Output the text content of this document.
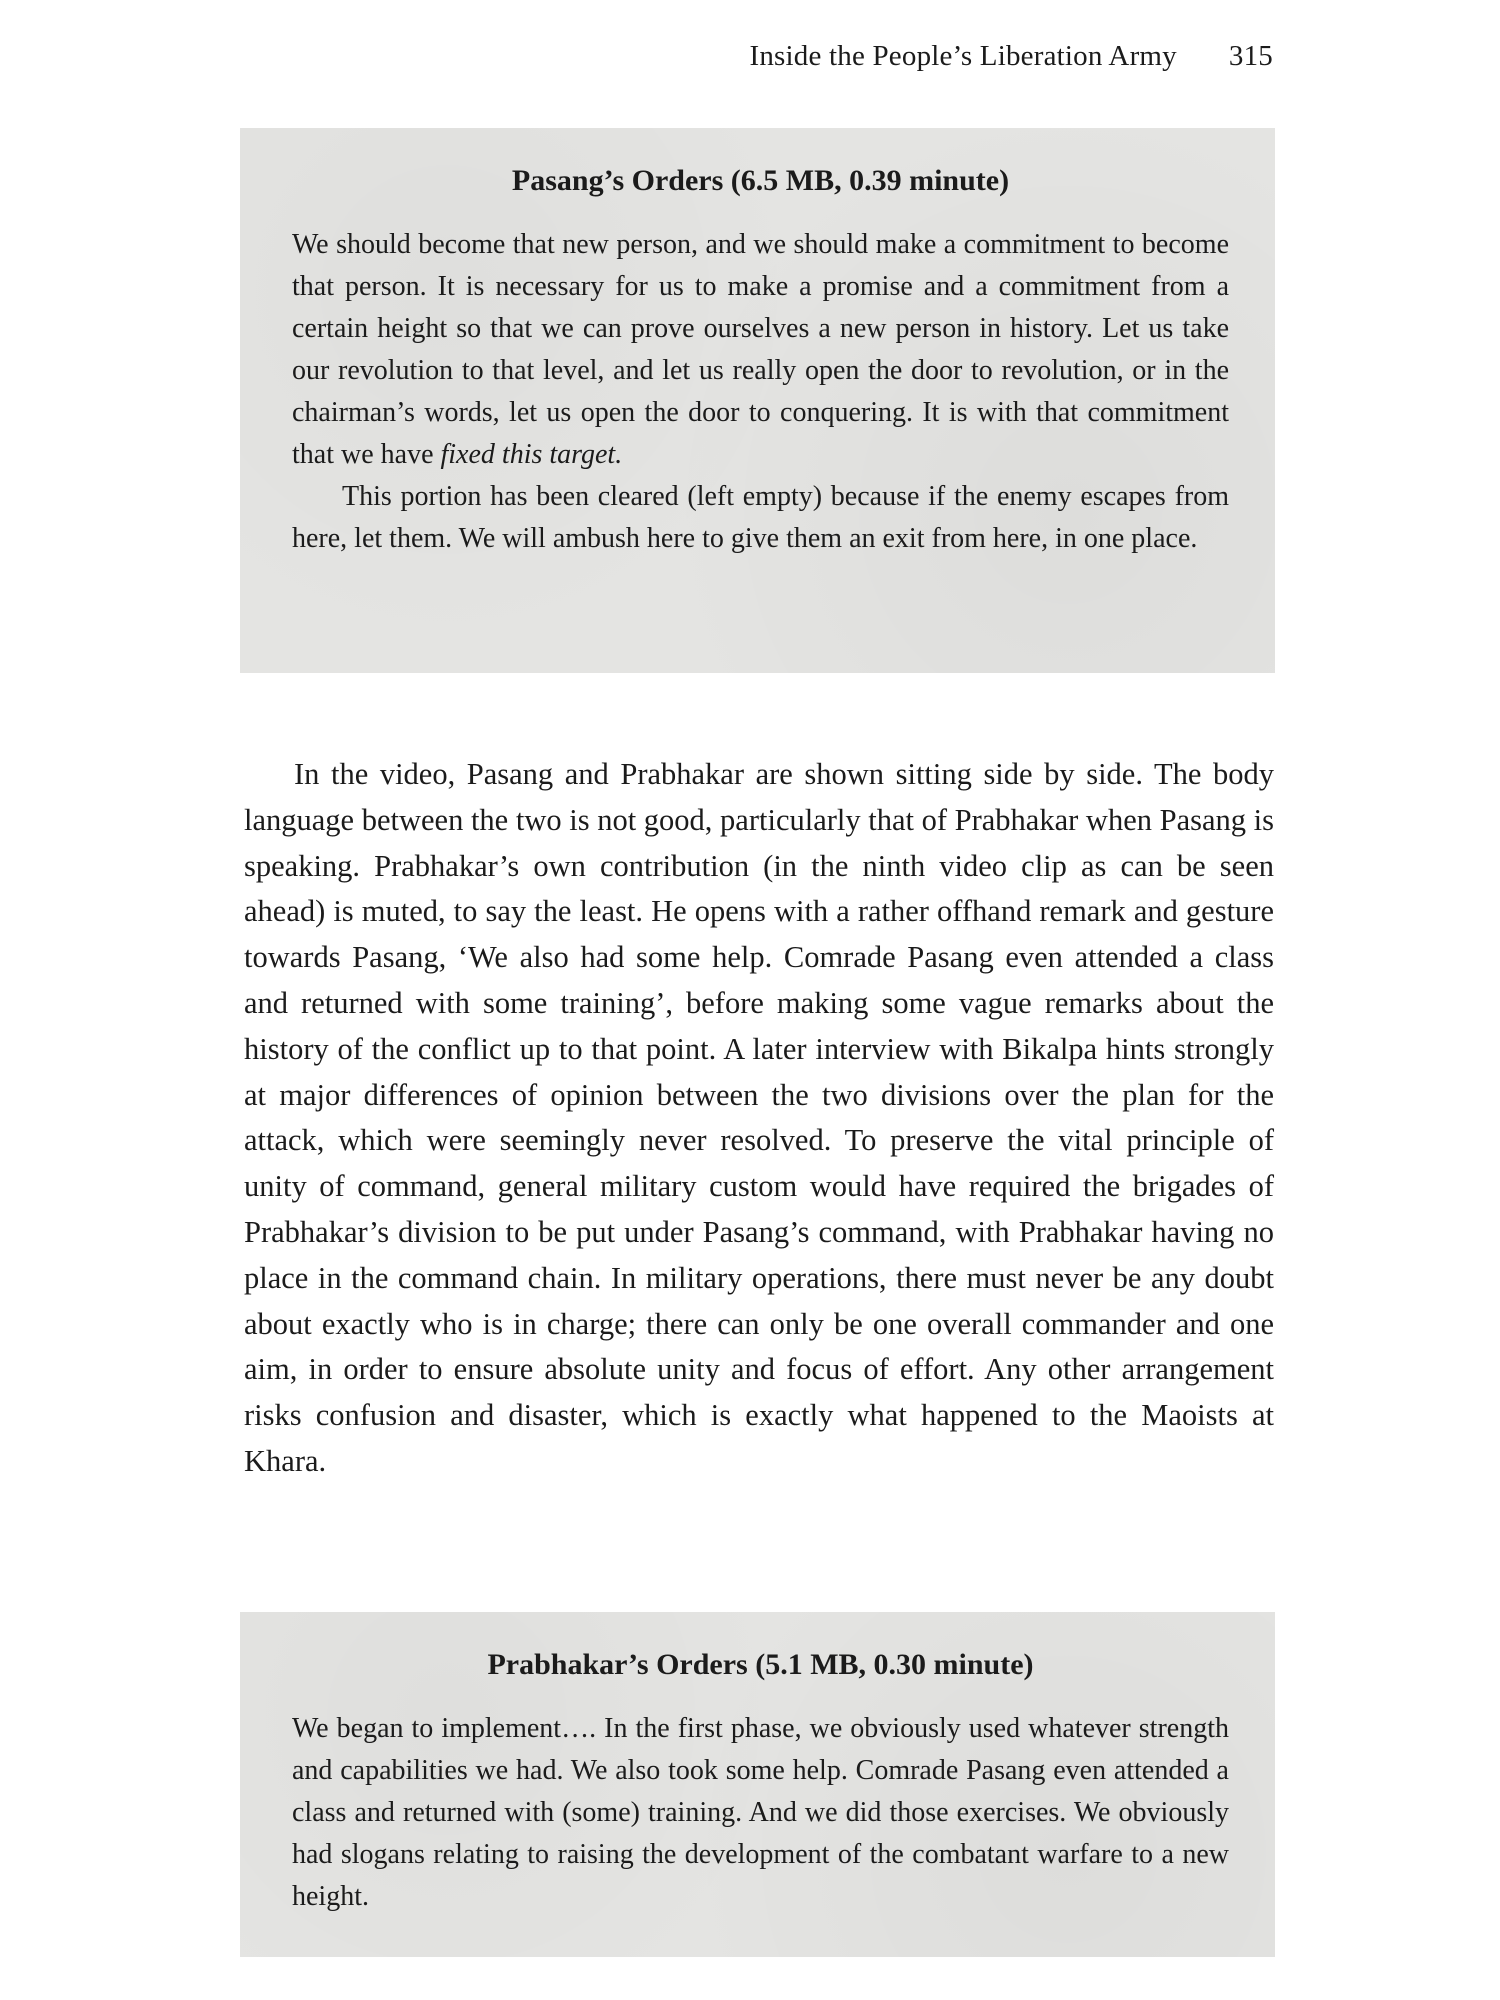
Inside the People’s Liberation Army 315
Pasang’s Orders (6.5 MB, 0.39 minute)

We should become that new person, and we should make a commitment to become that person. It is necessary for us to make a promise and a commitment from a certain height so that we can prove ourselves a new person in history. Let us take our revolution to that level, and let us really open the door to revolution, or in the chairman’s words, let us open the door to conquering. It is with that commitment that we have fixed this target.

This portion has been cleared (left empty) because if the enemy escapes from here, let them. We will ambush here to give them an exit from here, in one place.

In the video, Pasang and Prabhakar are shown sitting side by side. The body language between the two is not good, particularly that of Prabhakar when Pasang is speaking. Prabhakar’s own contribution (in the ninth video clip as can be seen ahead) is muted, to say the least. He opens with a rather offhand remark and gesture towards Pasang, ‘We also had some help. Comrade Pasang even attended a class and returned with some training’, before making some vague remarks about the history of the conflict up to that point. A later interview with Bikalpa hints strongly at major differences of opinion between the two divisions over the plan for the attack, which were seemingly never resolved. To preserve the vital principle of unity of command, general military custom would have required the brigades of Prabhakar’s division to be put under Pasang’s command, with Prabhakar having no place in the command chain. In military operations, there must never be any doubt about exactly who is in charge; there can only be one overall commander and one aim, in order to ensure absolute unity and focus of effort. Any other arrangement risks confusion and disaster, which is exactly what happened to the Maoists at Khara.

Prabhakar’s Orders (5.1 MB, 0.30 minute)

We began to implement…. In the first phase, we obviously used whatever strength and capabilities we had. We also took some help. Comrade Pasang even attended a class and returned with (some) training. And we did those exercises. We obviously had slogans relating to raising the development of the combatant warfare to a new height.
